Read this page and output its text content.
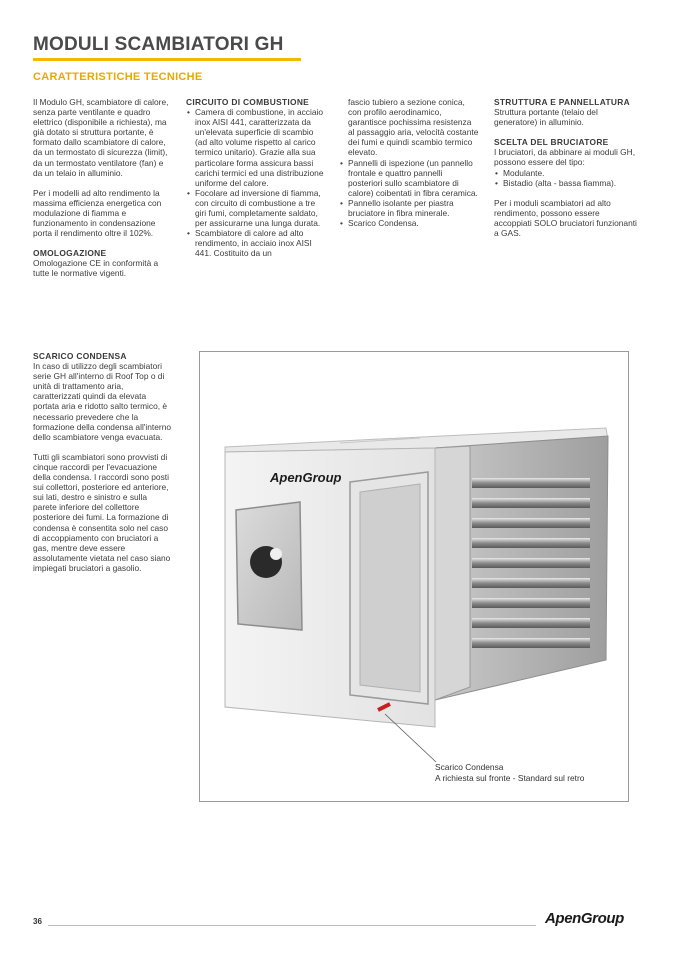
MODULI SCAMBIATORI GH
CARATTERISTICHE TECNICHE

Il Modulo GH, scambiatore di calore, senza parte ventilante e quadro elettrico (disponibile a richiesta), ma già dotato si struttura portante, è formato dallo scambiatore di calore, da un termostato di sicurezza (limit), da un termostato ventilatore (fan) e da un telaio in alluminio.

Per i modelli ad alto rendimento la massima efficienza energetica con modulazione di fiamma e funzionamento in condensazione porta il rendimento oltre il 102%.

OMOLOGAZIONE
Omologazione CE in conformità a tutte le normative vigenti.
CIRCUITO DI COMBUSTIONE
• Camera di combustione, in acciaio inox AISI 441, caratterizzata da un'elevata superficie di scambio (ad alto volume rispetto al carico termico unitario). Grazie alla sua particolare forma assicura bassi carichi termici ed una distribuzione uniforme del calore.
• Focolare ad inversione di fiamma, con circuito di combustione a tre giri fumi, completamente saldato, per assicurarne una lunga durata.
• Scambiatore di calore ad alto rendimento, in acciaio inox AISI 441. Costituito da un
fascio tubiero a sezione conica, con profilo aerodinamico, garantisce pochissima resistenza al passaggio aria, velocità costante dei fumi e quindi scambio termico elevato.
• Pannelli di ispezione (un pannello frontale e quattro pannelli posteriori sullo scambiatore di calore) coibentati in fibra ceramica.
• Pannello isolante per piastra bruciatore in fibra minerale.
• Scarico Condensa.
STRUTTURA E PANNELLATURA

Struttura portante (telaio del generatore) in alluminio.

SCELTA DEL BRUCIATORE
I bruciatori, da abbinare ai moduli GH, possono essere del tipo:
• Modulante.
• Bistadio (alta - bassa fiamma).

Per i moduli scambiatori ad alto rendimento, possono essere accoppiati SOLO bruciatori funzionanti a GAS.

SCARICO CONDENSA

In caso di utilizzo degli scambiatori serie GH all'interno di Roof Top o di unità di trattamento aria, caratterizzati quindi da elevata portata aria e ridotto salto termico, è necessario prevedere che la formazione della condensa all'interno dello scambiatore venga evacuata.

Tutti gli scambiatori sono provvisti di cinque raccordi per l'evacuazione della condensa. I raccordi sono posti sui collettori, posteriore ed anteriore, sui lati, destro e sinistro e sulla parete inferiore del collettore posteriore dei fumi. La formazione di condensa è consentita solo nel caso di accoppiamento con bruciatori a gas, mentre deve essere assolutamente vietata nel caso siano impiegati bruciatori a gasolio.

ApenGroup
Scarico Condensa
A richiesta sul fronte - Standard sul retro
36	ApenGroup
